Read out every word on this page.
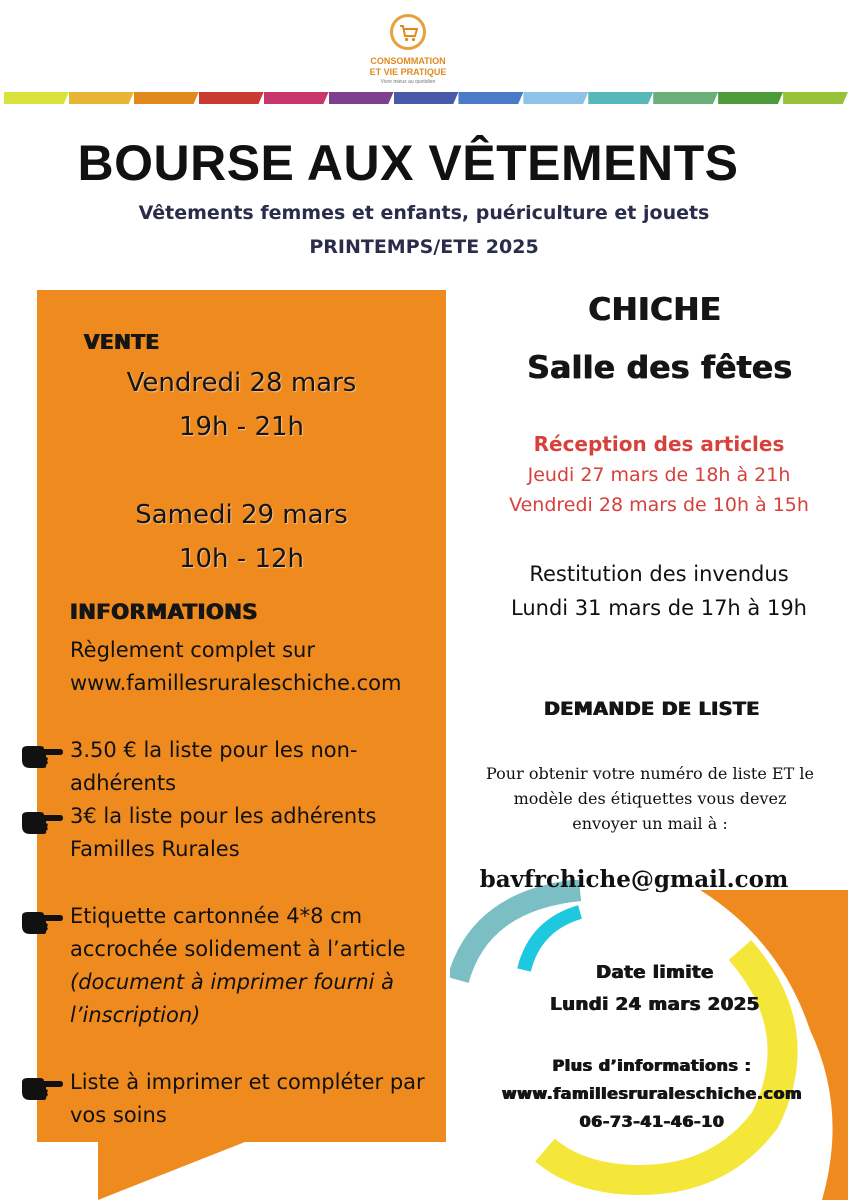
CONSOMMATION
ET VIE PRATIQUE
Vivre mieux au quotidien
BOURSE AUX VÊTEMENTS
Vêtements femmes et enfants, puériculture et jouets
PRINTEMPS/ETE 2025
VENTE
Vendredi 28 mars
19h - 21h
Samedi 29 mars
10h - 12h
INFORMATIONS
Règlement complet sur
www.famillesruraleschiche.com
3.50 € la liste pour les non-
adhérents
3€ la liste pour les adhérents
Familles Rurales
Etiquette cartonnée 4*8 cm
accrochée solidement à l’article
(document à imprimer fourni à
l’inscription)
Liste à imprimer et compléter par
vos soins
CHICHE
Salle des fêtes
Réception des articles
Jeudi 27 mars de 18h à 21h
Vendredi 28 mars de 10h à 15h
Restitution des invendus
Lundi 31 mars de 17h à 19h
DEMANDE DE LISTE
Pour obtenir votre numéro de liste ET le
modèle des étiquettes vous devez
envoyer un mail à :
bavfrchiche@gmail.com
Date limite
Lundi 24 mars 2025
Plus d’informations :
www.famillesruraleschiche.com
06-73-41-46-10
